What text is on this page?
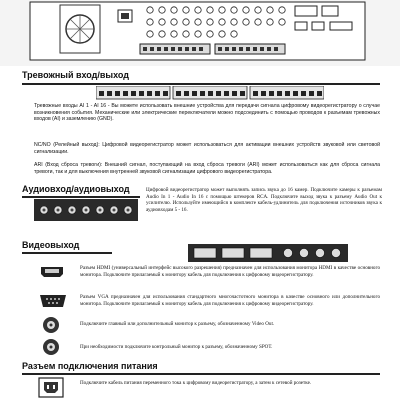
Тревожный вход/выход
Тревожные входы AI 1 - AI 16 - Вы можете использовать внешние устройства для передачи сигнала цифровому видеорегистратору о случае возникновения события. Механические или электрические переключатели можно подсоединить с помощью проводов к разъемам тревожных входов (AI) и заземлению (GND).
NC/NO (Релейный выход): Цифровой видеорегистратор может использоваться для активации внешних устройств звуковой или световой сигнализации.
ARI (Вход сброса тревоги): Внешний сигнал, поступающий на вход сброса тревоги (ARI) может использоваться как для сброса сигнала тревоги, так и для выключения внутренней звуковой сигнализации цифрового видеорегистратора.
Аудиовход/аудиовыход	Цифровой видеорегистратор может выполнять запись звука до 16 камер. Подключите камеры к разъемам Audio In 1 - Audio In 16 с помощью штекеров RCA. Подключите выход звука к разъему Audio Out к усилителю. Используйте имеющийся в комплекте кабель-удлинитель для подключения источников звука к аудиовходам 5 - 16.
Видеовыход
Разъем HDMI (универсальный интерфейс высокого разрешения) предназначен для использования монитора HDMI в качестве основного монитора. Подключите прилагаемый к монитору кабель для подключения к цифровому видеорегистратору.
Разъем VGA предназначен для использования стандартного многочастотного монитора в качестве основного или дополнительного монитора. Подключите прилагаемый к монитору кабель для подключения к цифровому видеорегистратору.
Подключите главный или дополнительный монитор к разъему, обозначенному Video Out.
При необходимости подключите контрольный монитор к разъему, обозначенному SPOT.
Разъем подключения питания
Подключите кабель питания переменного тока к цифровому видеорегистратору, а затем к сетевой розетке.
